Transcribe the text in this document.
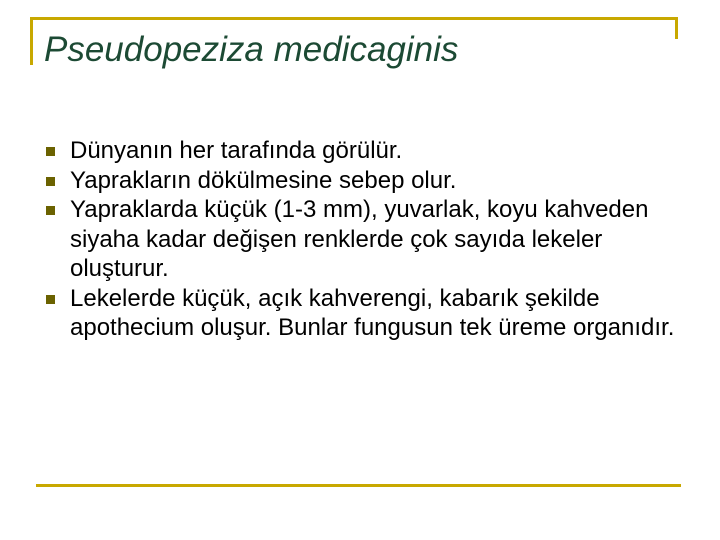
Pseudopeziza medicaginis
Dünyanın her tarafında görülür.
Yaprakların dökülmesine sebep olur.
Yapraklarda küçük (1-3 mm), yuvarlak, koyu kahveden siyaha kadar değişen renklerde çok sayıda lekeler oluşturur.
Lekelerde küçük, açık kahverengi, kabarık şekilde apothecium oluşur. Bunlar fungusun tek üreme organıdır.
